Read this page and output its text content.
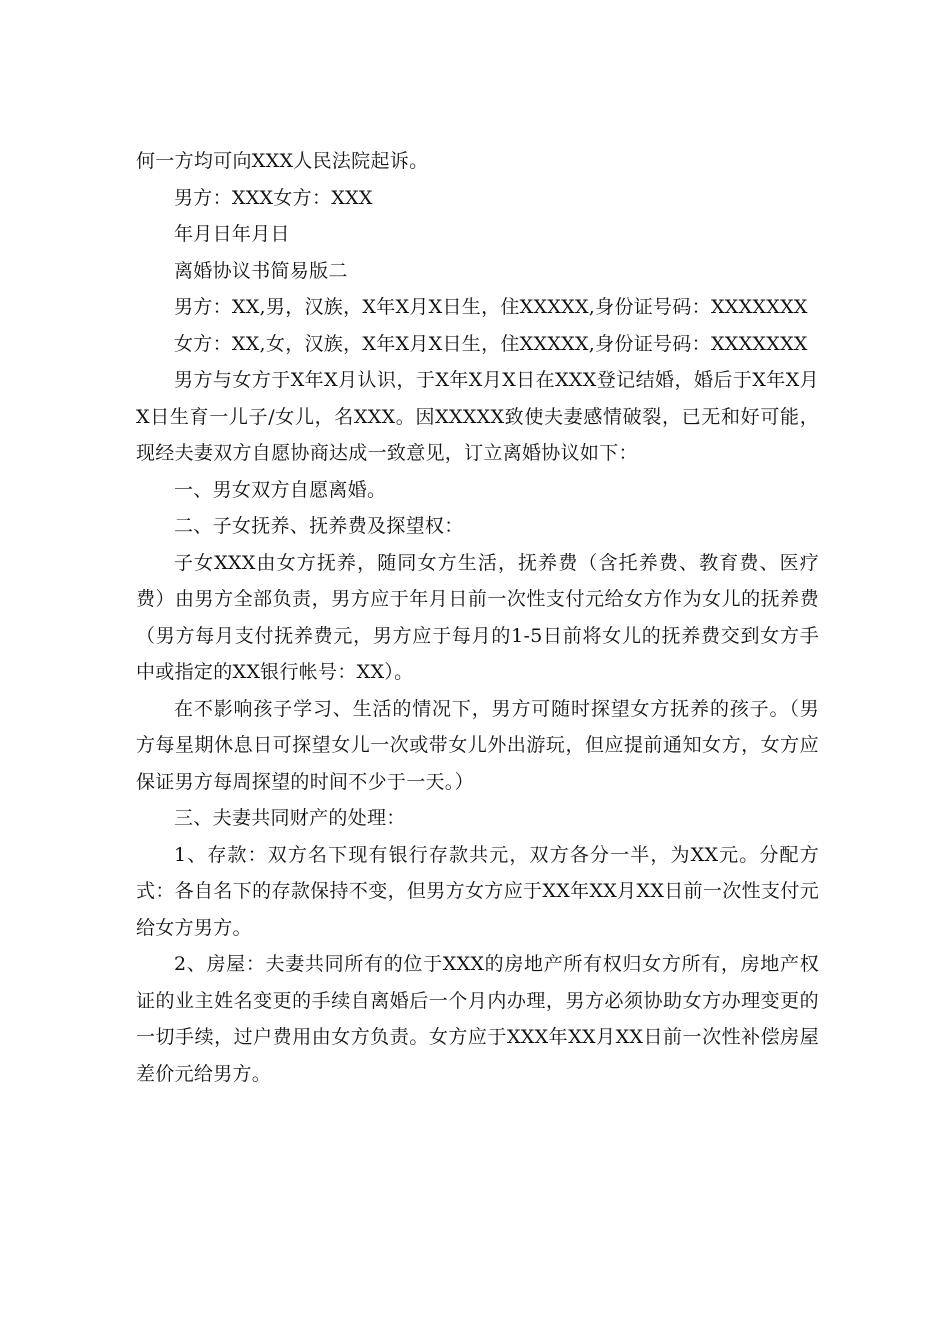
何一方均可向XXX人民法院起诉。

男方：XXX女方：XXX

年月日年月日

离婚协议书简易版二

男方：XX,男，汉族，X年X月X日生，住XXXXX,身份证号码：XXXXXXX

女方：XX,女，汉族，X年X月X日生，住XXXXX,身份证号码：XXXXXXX

男方与女方于X年X月认识，于X年X月X日在XXX登记结婚，婚后于X年X月X日生育一儿子/女儿，名XXX。因XXXXX致使夫妻感情破裂，已无和好可能，现经夫妻双方自愿协商达成一致意见，订立离婚协议如下：

一、男女双方自愿离婚。

二、子女抚养、抚养费及探望权：

子女XXX由女方抚养，随同女方生活，抚养费（含托养费、教育费、医疗费）由男方全部负责，男方应于年月日前一次性支付元给女方作为女儿的抚养费（男方每月支付抚养费元，男方应于每月的1-5日前将女儿的抚养费交到女方手中或指定的XX银行帐号：XX）。

在不影响孩子学习、生活的情况下，男方可随时探望女方抚养的孩子。（男方每星期休息日可探望女儿一次或带女儿外出游玩，但应提前通知女方，女方应保证男方每周探望的时间不少于一天。）

三、夫妻共同财产的处理：

1、存款：双方名下现有银行存款共元，双方各分一半，为XX元。分配方式：各自名下的存款保持不变，但男方女方应于XX年XX月XX日前一次性支付元给女方男方。

2、房屋：夫妻共同所有的位于XXX的房地产所有权归女方所有，房地产权证的业主姓名变更的手续自离婚后一个月内办理，男方必须协助女方办理变更的一切手续，过户费用由女方负责。女方应于XXX年XX月XX日前一次性补偿房屋差价元给男方。
